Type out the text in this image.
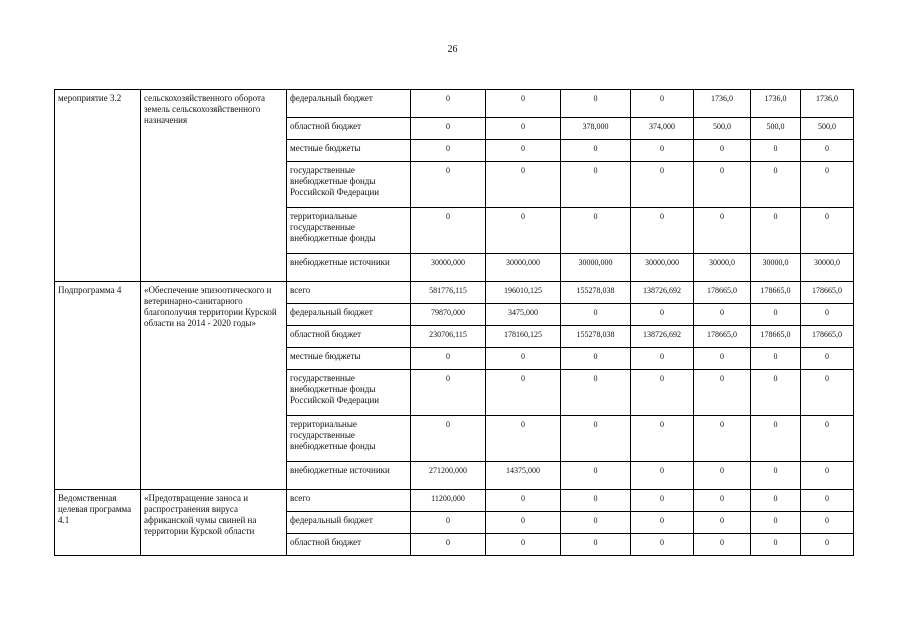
26
мероприятие 3.2	сельскохозяйственного оборота земель сельскохозяйственного назначения	федеральный бюджет	0	0	0	0	1736,0	1736,0	1736,0
		областной бюджет	0	0	378,000	374,000	500,0	500,0	500,0
		местные бюджеты	0	0	0	0	0	0	0
		государственные внебюджетные фонды Российской Федерации	0	0	0	0	0	0	0
		территориальные государственные внебюджетные фонды	0	0	0	0	0	0	0
		внебюджетные источники	30000,000	30000,000	30000,000	30000,000	30000,0	30000,0	30000,0
Подпрограмма 4	«Обеспечение эпизоотического и ветеринарно-санитарного благополучия территории Курской области на 2014 - 2020 годы»	всего	581776,115	196010,125	155278,038	138726,692	178665,0	178665,0	178665,0
		федеральный бюджет	79870,000	3475,000	0	0	0	0	0
		областной бюджет	230706,115	178160,125	155278,038	138726,692	178665,0	178665,0	178665,0
		местные бюджеты	0	0	0	0	0	0	0
		государственные внебюджетные фонды Российской Федерации	0	0	0	0	0	0	0
		территориальные государственные внебюджетные фонды	0	0	0	0	0	0	0
		внебюджетные источники	271200,000	14375,000	0	0	0	0	0
Ведомственная целевая программа 4.1	«Предотвращение заноса и распространения вируса африканской чумы свиней на территории Курской области	всего	11200,000	0	0	0	0	0	0
		федеральный бюджет	0	0	0	0	0	0	0
		областной бюджет	0	0	0	0	0	0	0
